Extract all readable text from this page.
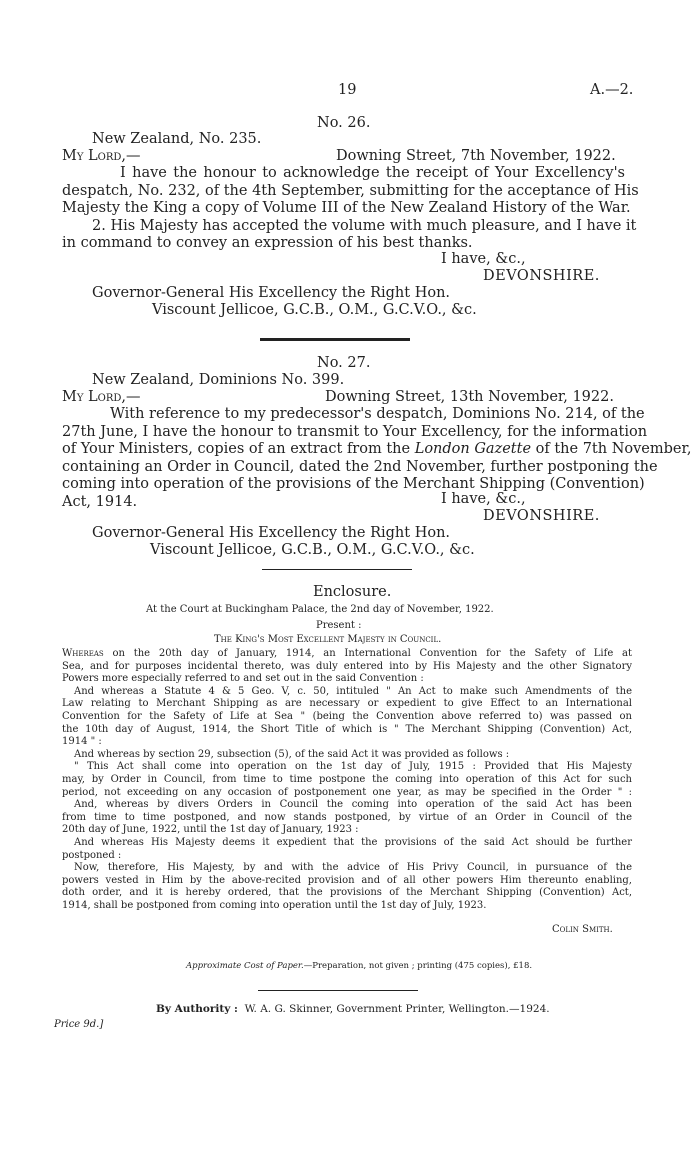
19	A.—2.
No. 26.
New Zealand, No. 235.
My Lord,—	Downing Street, 7th November, 1922.
I have the honour to acknowledge the receipt of Your Excellency's
despatch, No. 232, of the 4th September, submitting for the acceptance of His
Majesty the King a copy of Volume III of the New Zealand History of the War.
2. His Majesty has accepted the volume with much pleasure, and I have it
in command to convey an expression of his best thanks.
I have, &c.,
DEVONSHIRE.
Governor-General His Excellency the Right Hon.
Viscount Jellicoe, G.C.B., O.M., G.C.V.O., &c.
No. 27.
New Zealand, Dominions No. 399.
My Lord,—	Downing Street, 13th November, 1922.
With reference to my predecessor's despatch, Dominions No. 214, of the
27th June, I have the honour to transmit to Your Excellency, for the information
of Your Ministers, copies of an extract from the London Gazette of the 7th November,
containing an Order in Council, dated the 2nd November, further postponing the
coming into operation of the provisions of the Merchant Shipping (Convention)
Act, 1914.	I have, &c.,
DEVONSHIRE.
Governor-General His Excellency the Right Hon.
Viscount Jellicoe, G.C.B., O.M., G.C.V.O., &c.
Enclosure.
At the Court at Buckingham Palace, the 2nd day of November, 1922.
Present :
The King's Most Excellent Majesty in Council.
Whereas on the 20th day of January, 1914, an International Convention for the Safety of Life at
Sea, and for purposes incidental thereto, was duly entered into by His Majesty and the other Signatory
Powers more especially referred to and set out in the said Convention :
And whereas a Statute 4 & 5 Geo. V, c. 50, intituled " An Act to make such Amendments of the
Law relating to Merchant Shipping as are necessary or expedient to give Effect to an International
Convention for the Safety of Life at Sea " (being the Convention above referred to) was passed on
the 10th day of August, 1914, the Short Title of which is " The Merchant Shipping (Convention) Act,
1914 " :
And whereas by section 29, subsection (5), of the said Act it was provided as follows :
" This Act shall come into operation on the 1st day of July, 1915 : Provided that His Majesty
may, by Order in Council, from time to time postpone the coming into operation of this Act for such
period, not exceeding on any occasion of postponement one year, as may be specified in the Order " :
And, whereas by divers Orders in Council the coming into operation of the said Act has been
from time to time postponed, and now stands postponed, by virtue of an Order in Council of the
20th day of June, 1922, until the 1st day of January, 1923 :
And whereas His Majesty deems it expedient that the provisions of the said Act should be further
postponed :
Now, therefore, His Majesty, by and with the advice of His Privy Council, in pursuance of the
powers vested in Him by the above-recited provision and of all other powers Him thereunto enabling,
doth order, and it is hereby ordered, that the provisions of the Merchant Shipping (Convention) Act,
1914, shall be postponed from coming into operation until the 1st day of July, 1923.
Colin Smith.
Approximate Cost of Paper.—Preparation, not given ; printing (475 copies), £18.
By Authority : W. A. G. Skinner, Government Printer, Wellington.—1924.
Price 9d.]
